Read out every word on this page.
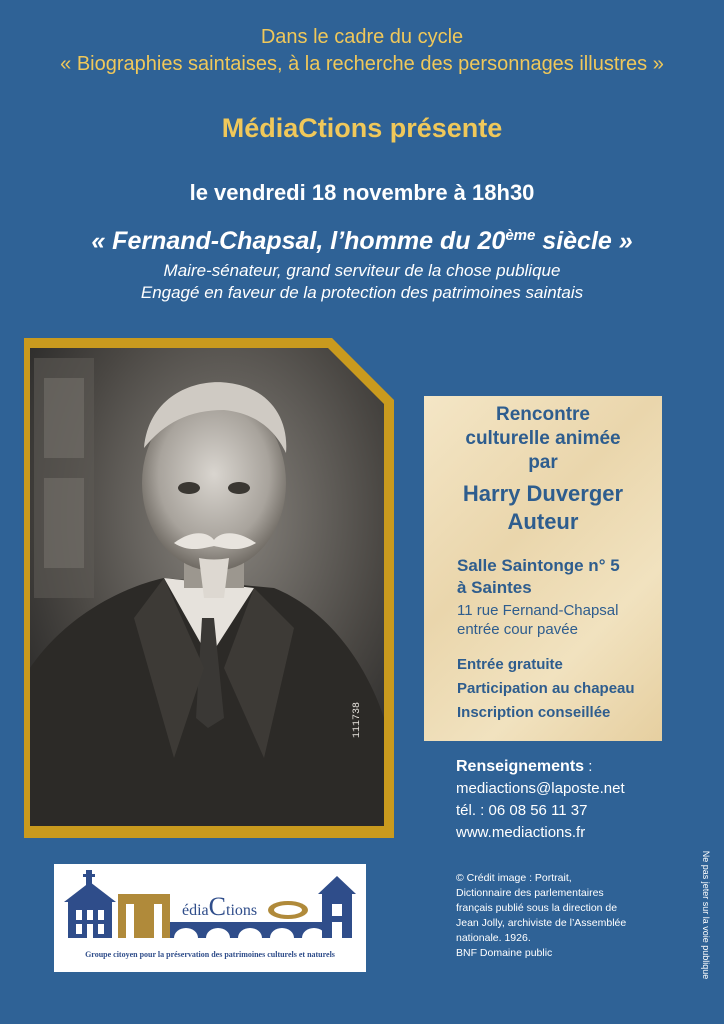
Dans le cadre du cycle
« Biographies saintaises, à la recherche des personnages illustres »
MédiaCtions présente
le vendredi 18 novembre à 18h30
« Fernand-Chapsal, l’homme du 20ème siècle »
Maire-sénateur, grand serviteur de la chose publique
Engagé en faveur de la protection des patrimoines saintais
111738
Rencontre
culturelle animée
par
Harry Duverger
Auteur
Salle Saintonge n° 5
à Saintes
11 rue Fernand-Chapsal
entrée cour pavée
Entrée gratuite
Participation au chapeau
Inscription conseillée
Renseignements :
mediactions@laposte.net
tél. : 06 08 56 11 37
www.mediactions.fr
© Crédit image : Portrait,
Dictionnaire des parlementaires
français publié sous la direction de
Jean Jolly, archiviste de l’Assemblée
nationale. 1926.
BNF Domaine public	Ne pas jeter sur la voie publique
édiaCtions
Groupe citoyen pour la préservation des patrimoines culturels et naturels
